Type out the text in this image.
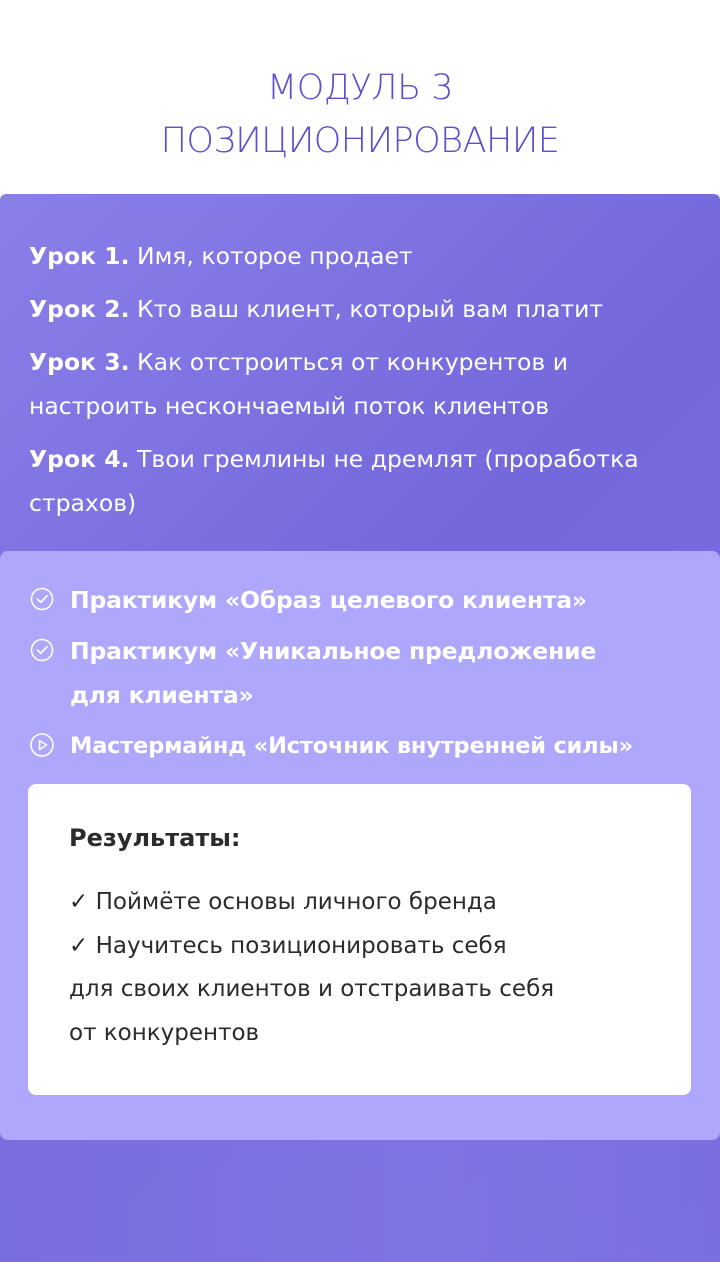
МОДУЛЬ 3
ПОЗИЦИОНИРОВАНИЕ
Урок 1. Имя, которое продает
Урок 2. Кто ваш клиент, который вам платит
Урок 3. Как отстроиться от конкурентов и настроить нескончаемый поток клиентов
Урок 4. Твои гремлины не дремлят (проработка страхов)
Практикум «Образ целевого клиента»
Практикум «Уникальное предложение для клиента»
Мастермайнд «Источник внутренней силы»
Результаты:
✓ Поймёте основы личного бренда
✓ Научитесь позиционировать себя
для своих клиентов и отстраивать себя
от конкурентов
